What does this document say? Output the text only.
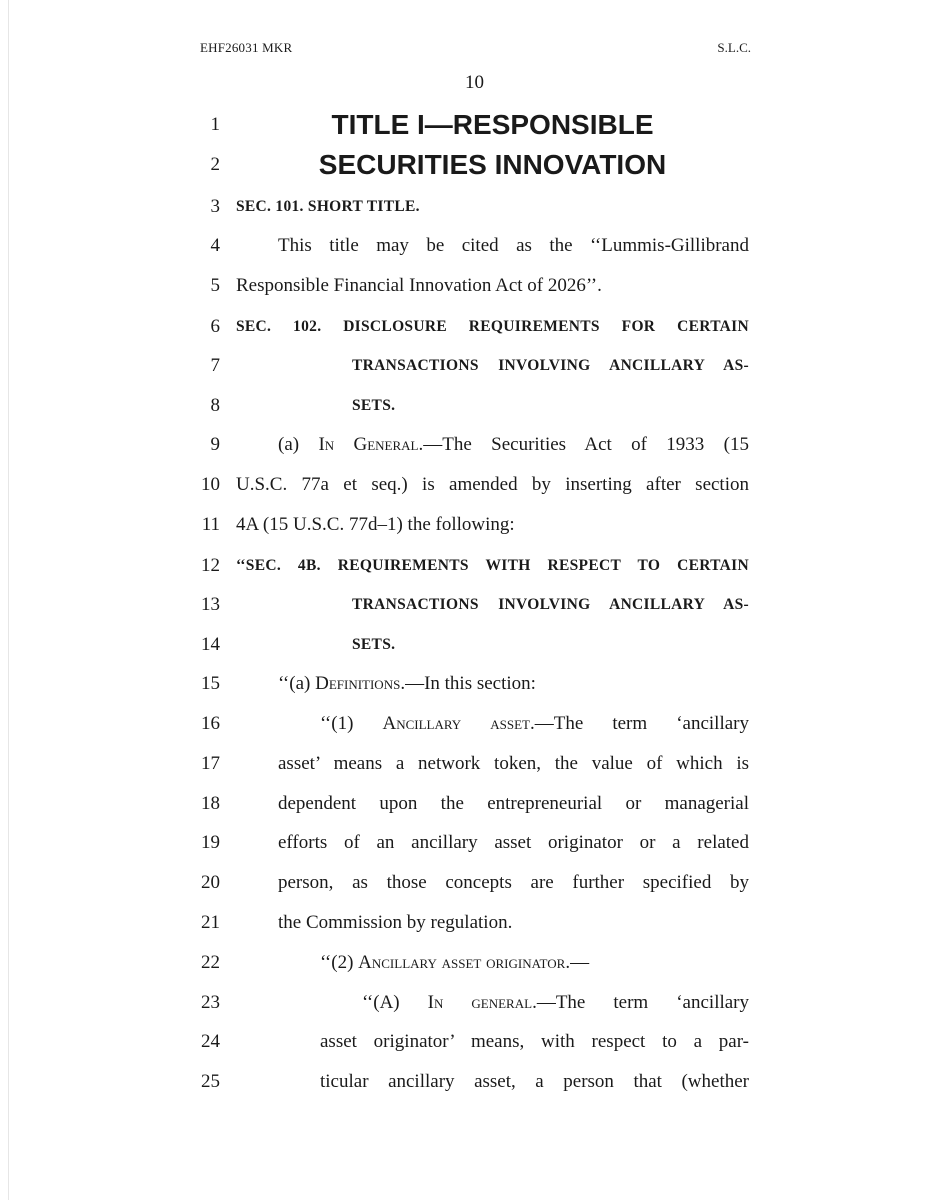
EHF26031 MKR	S.L.C.
10
1	TITLE I—RESPONSIBLE
2	SECURITIES INNOVATION
3 SEC. 101. SHORT TITLE.
4	This title may be cited as the ‘‘Lummis-Gillibrand
5 Responsible Financial Innovation Act of 2026’’.
6 SEC. 102. DISCLOSURE REQUIREMENTS FOR CERTAIN
7	TRANSACTIONS INVOLVING ANCILLARY AS-
8	SETS.
9	(a) In General.—The Securities Act of 1933 (15
10 U.S.C. 77a et seq.) is amended by inserting after section
11 4A (15 U.S.C. 77d–1) the following:
12 ‘‘SEC. 4B. REQUIREMENTS WITH RESPECT TO CERTAIN
13	TRANSACTIONS INVOLVING ANCILLARY AS-
14	SETS.
15	‘‘(a) Definitions.—In this section:
16	‘‘(1) Ancillary asset.—The term ‘ancillary
17	asset’ means a network token, the value of which is
18	dependent upon the entrepreneurial or managerial
19	efforts of an ancillary asset originator or a related
20	person, as those concepts are further specified by
21	the Commission by regulation.
22	‘‘(2) Ancillary asset originator.—
23	‘‘(A) In general.—The term ‘ancillary
24	asset originator’ means, with respect to a par-
25	ticular ancillary asset, a person that (whether
